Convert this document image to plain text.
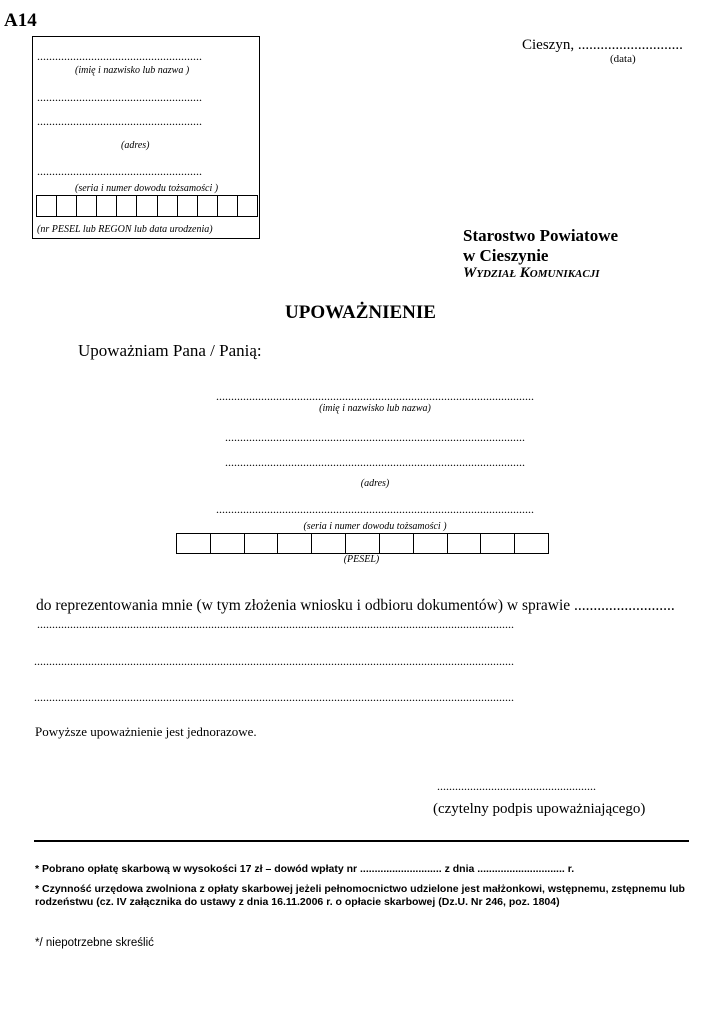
A14
.......................................................
(imię i nazwisko lub nazwa )
.......................................................
.......................................................
(adres)
.......................................................
(seria i numer dowodu tożsamości )
(nr PESEL lub REGON lub data urodzenia)
Cieszyn, ............................
(data)
Starostwo Powiatowe
w Cieszynie
Wydział Komunikacji
UPOWAŻNIENIE
Upoważniam Pana / Panią:
..........................................................................................................
(imię i nazwisko lub nazwa)
....................................................................................................
....................................................................................................
(adres)
..........................................................................................................
(seria i numer dowodu tożsamości )
(PESEL)
do reprezentowania mnie (w tym złożenia wniosku i odbioru dokumentów) w sprawie ..........................
...............................................................................................................................................................
................................................................................................................................................................
................................................................................................................................................................
Powyższe upoważnienie jest jednorazowe.
.....................................................
(czytelny podpis upoważniającego)
* Pobrano opłatę skarbową w wysokości 17 zł – dowód wpłaty nr ............................ z dnia .............................. r.
* Czynność urzędowa zwolniona z opłaty skarbowej jeżeli pełnomocnictwo udzielone jest małżonkowi, wstępnemu, zstępnemu lub rodzeństwu (cz. IV załącznika do ustawy z dnia 16.11.2006 r. o opłacie skarbowej (Dz.U. Nr 246, poz. 1804)
*/ niepotrzebne skreślić
